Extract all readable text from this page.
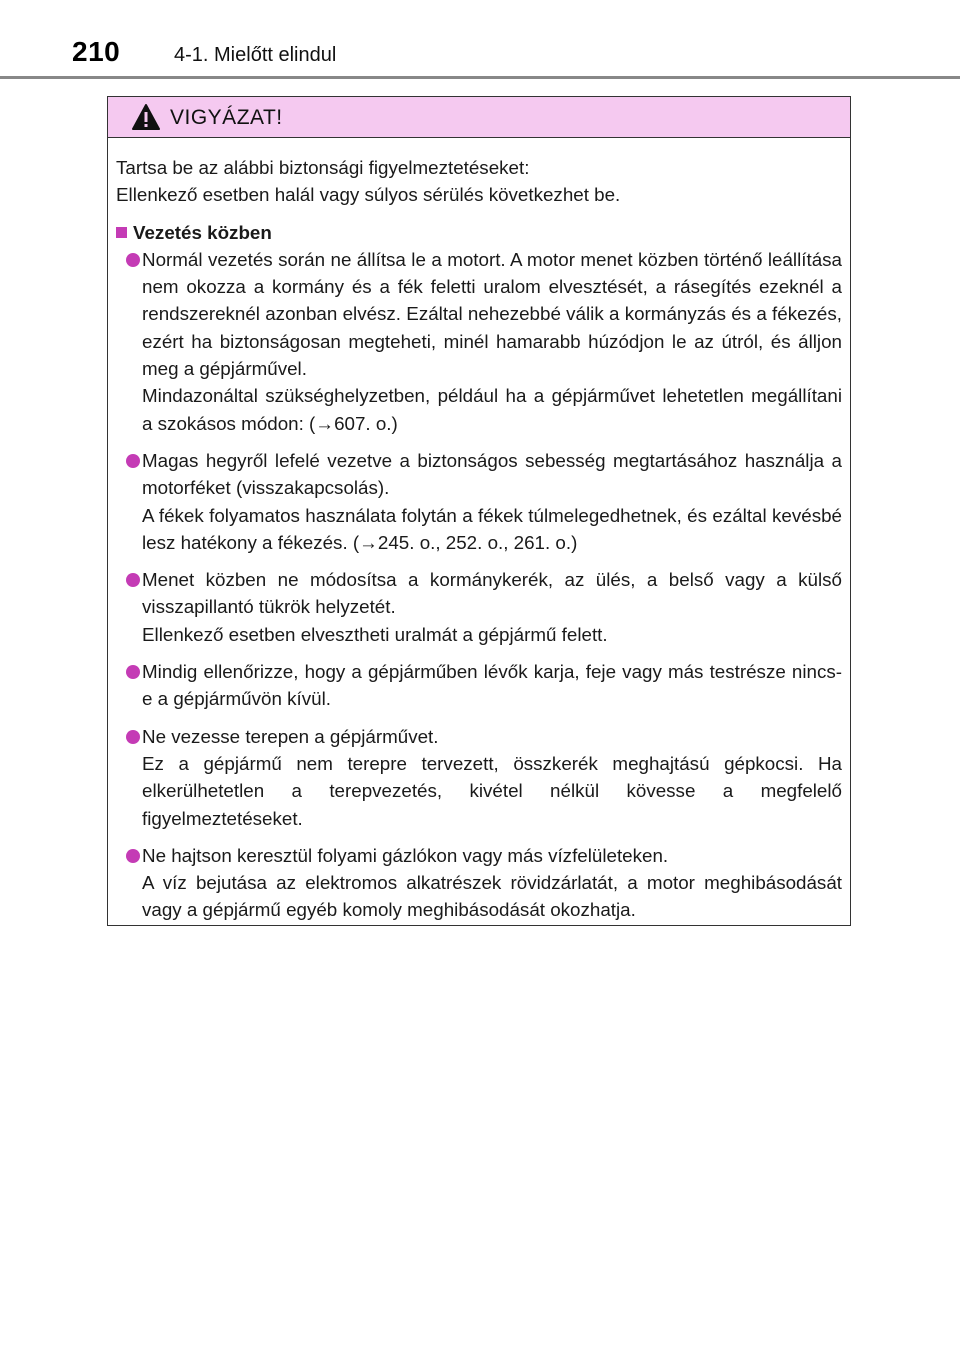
210	4-1. Mielőtt elindul
VIGYÁZAT!

Tartsa be az alábbi biztonsági figyelmeztetéseket:

Ellenkező esetben halál vagy súlyos sérülés következhet be.

Vezetés közben

Normál vezetés során ne állítsa le a motort. A motor menet közben történő leállítása nem okozza a kormány és a fék feletti uralom elvesztését, a rásegítés ezeknél a rendszereknél azonban elvész. Ezáltal nehezebbé válik a kormányzás és a fékezés, ezért ha biztonságosan megteheti, minél hamarabb húzódjon le az útról, és álljon meg a gépjárművel.

Mindazonáltal szükséghelyzetben, például ha a gépjárművet lehetetlen megállítani a szokásos módon: (→607. o.)

Magas hegyről lefelé vezetve a biztonságos sebesség megtartásához használja a motorféket (visszakapcsolás).

A fékek folyamatos használata folytán a fékek túlmelegedhetnek, és ezáltal kevésbé lesz hatékony a fékezés. (→245. o., 252. o., 261. o.)

Menet közben ne módosítsa a kormánykerék, az ülés, a belső vagy a külső visszapillantó tükrök helyzetét.

Ellenkező esetben elvesztheti uralmát a gépjármű felett.

Mindig ellenőrizze, hogy a gépjárműben lévők karja, feje vagy más testrésze nincs-e a gépjárművön kívül.

Ne vezesse terepen a gépjárművet.

Ez a gépjármű nem terepre tervezett, összkerék meghajtású gépkocsi. Ha elkerülhetetlen a terepvezetés, kivétel nélkül kövesse a megfelelő figyelmeztetéseket.

Ne hajtson keresztül folyami gázlókon vagy más vízfelületeken.

A víz bejutása az elektromos alkatrészek rövidzárlatát, a motor meghibásodását vagy a gépjármű egyéb komoly meghibásodását okozhatja.
